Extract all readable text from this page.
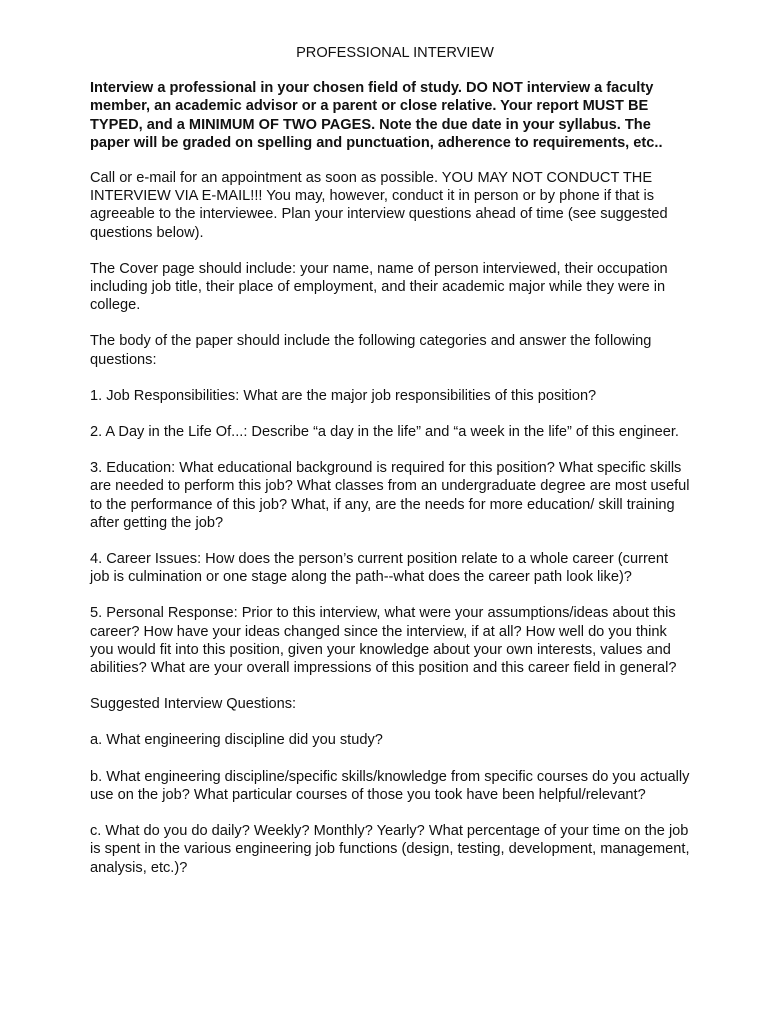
PROFESSIONAL INTERVIEW

Interview a professional in your chosen field of study. DO NOT interview a faculty member, an academic advisor or a parent or close relative. Your report MUST BE TYPED, and a MINIMUM OF TWO PAGES. Note the due date in your syllabus. The paper will be graded on spelling and punctuation, adherence to requirements, etc..

Call or e-mail for an appointment as soon as possible. YOU MAY NOT CONDUCT THE INTERVIEW VIA E-MAIL!!! You may, however, conduct it in person or by phone if that is agreeable to the interviewee. Plan your interview questions ahead of time (see suggested questions below).

The Cover page should include: your name, name of person interviewed, their occupation including job title, their place of employment, and their academic major while they were in college.

The body of the paper should include the following categories and answer the following questions:

1. Job Responsibilities: What are the major job responsibilities of this position?

2. A Day in the Life Of...: Describe “a day in the life” and “a week in the life” of this engineer.

3. Education: What educational background is required for this position? What specific skills are needed to perform this job? What classes from an undergraduate degree are most useful to the performance of this job? What, if any, are the needs for more education/ skill training after getting the job?

4. Career Issues: How does the person’s current position relate to a whole career (current job is culmination or one stage along the path--what does the career path look like)?

5. Personal Response: Prior to this interview, what were your assumptions/ideas about this career? How have your ideas changed since the interview, if at all? How well do you think you would fit into this position, given your knowledge about your own interests, values and abilities? What are your overall impressions of this position and this career field in general?

Suggested Interview Questions:

a. What engineering discipline did you study?

b. What engineering discipline/specific skills/knowledge from specific courses do you actually use on the job? What particular courses of those you took have been helpful/relevant?

c. What do you do daily? Weekly? Monthly? Yearly? What percentage of your time on the job is spent in the various engineering job functions (design, testing, development, management, analysis, etc.)?
